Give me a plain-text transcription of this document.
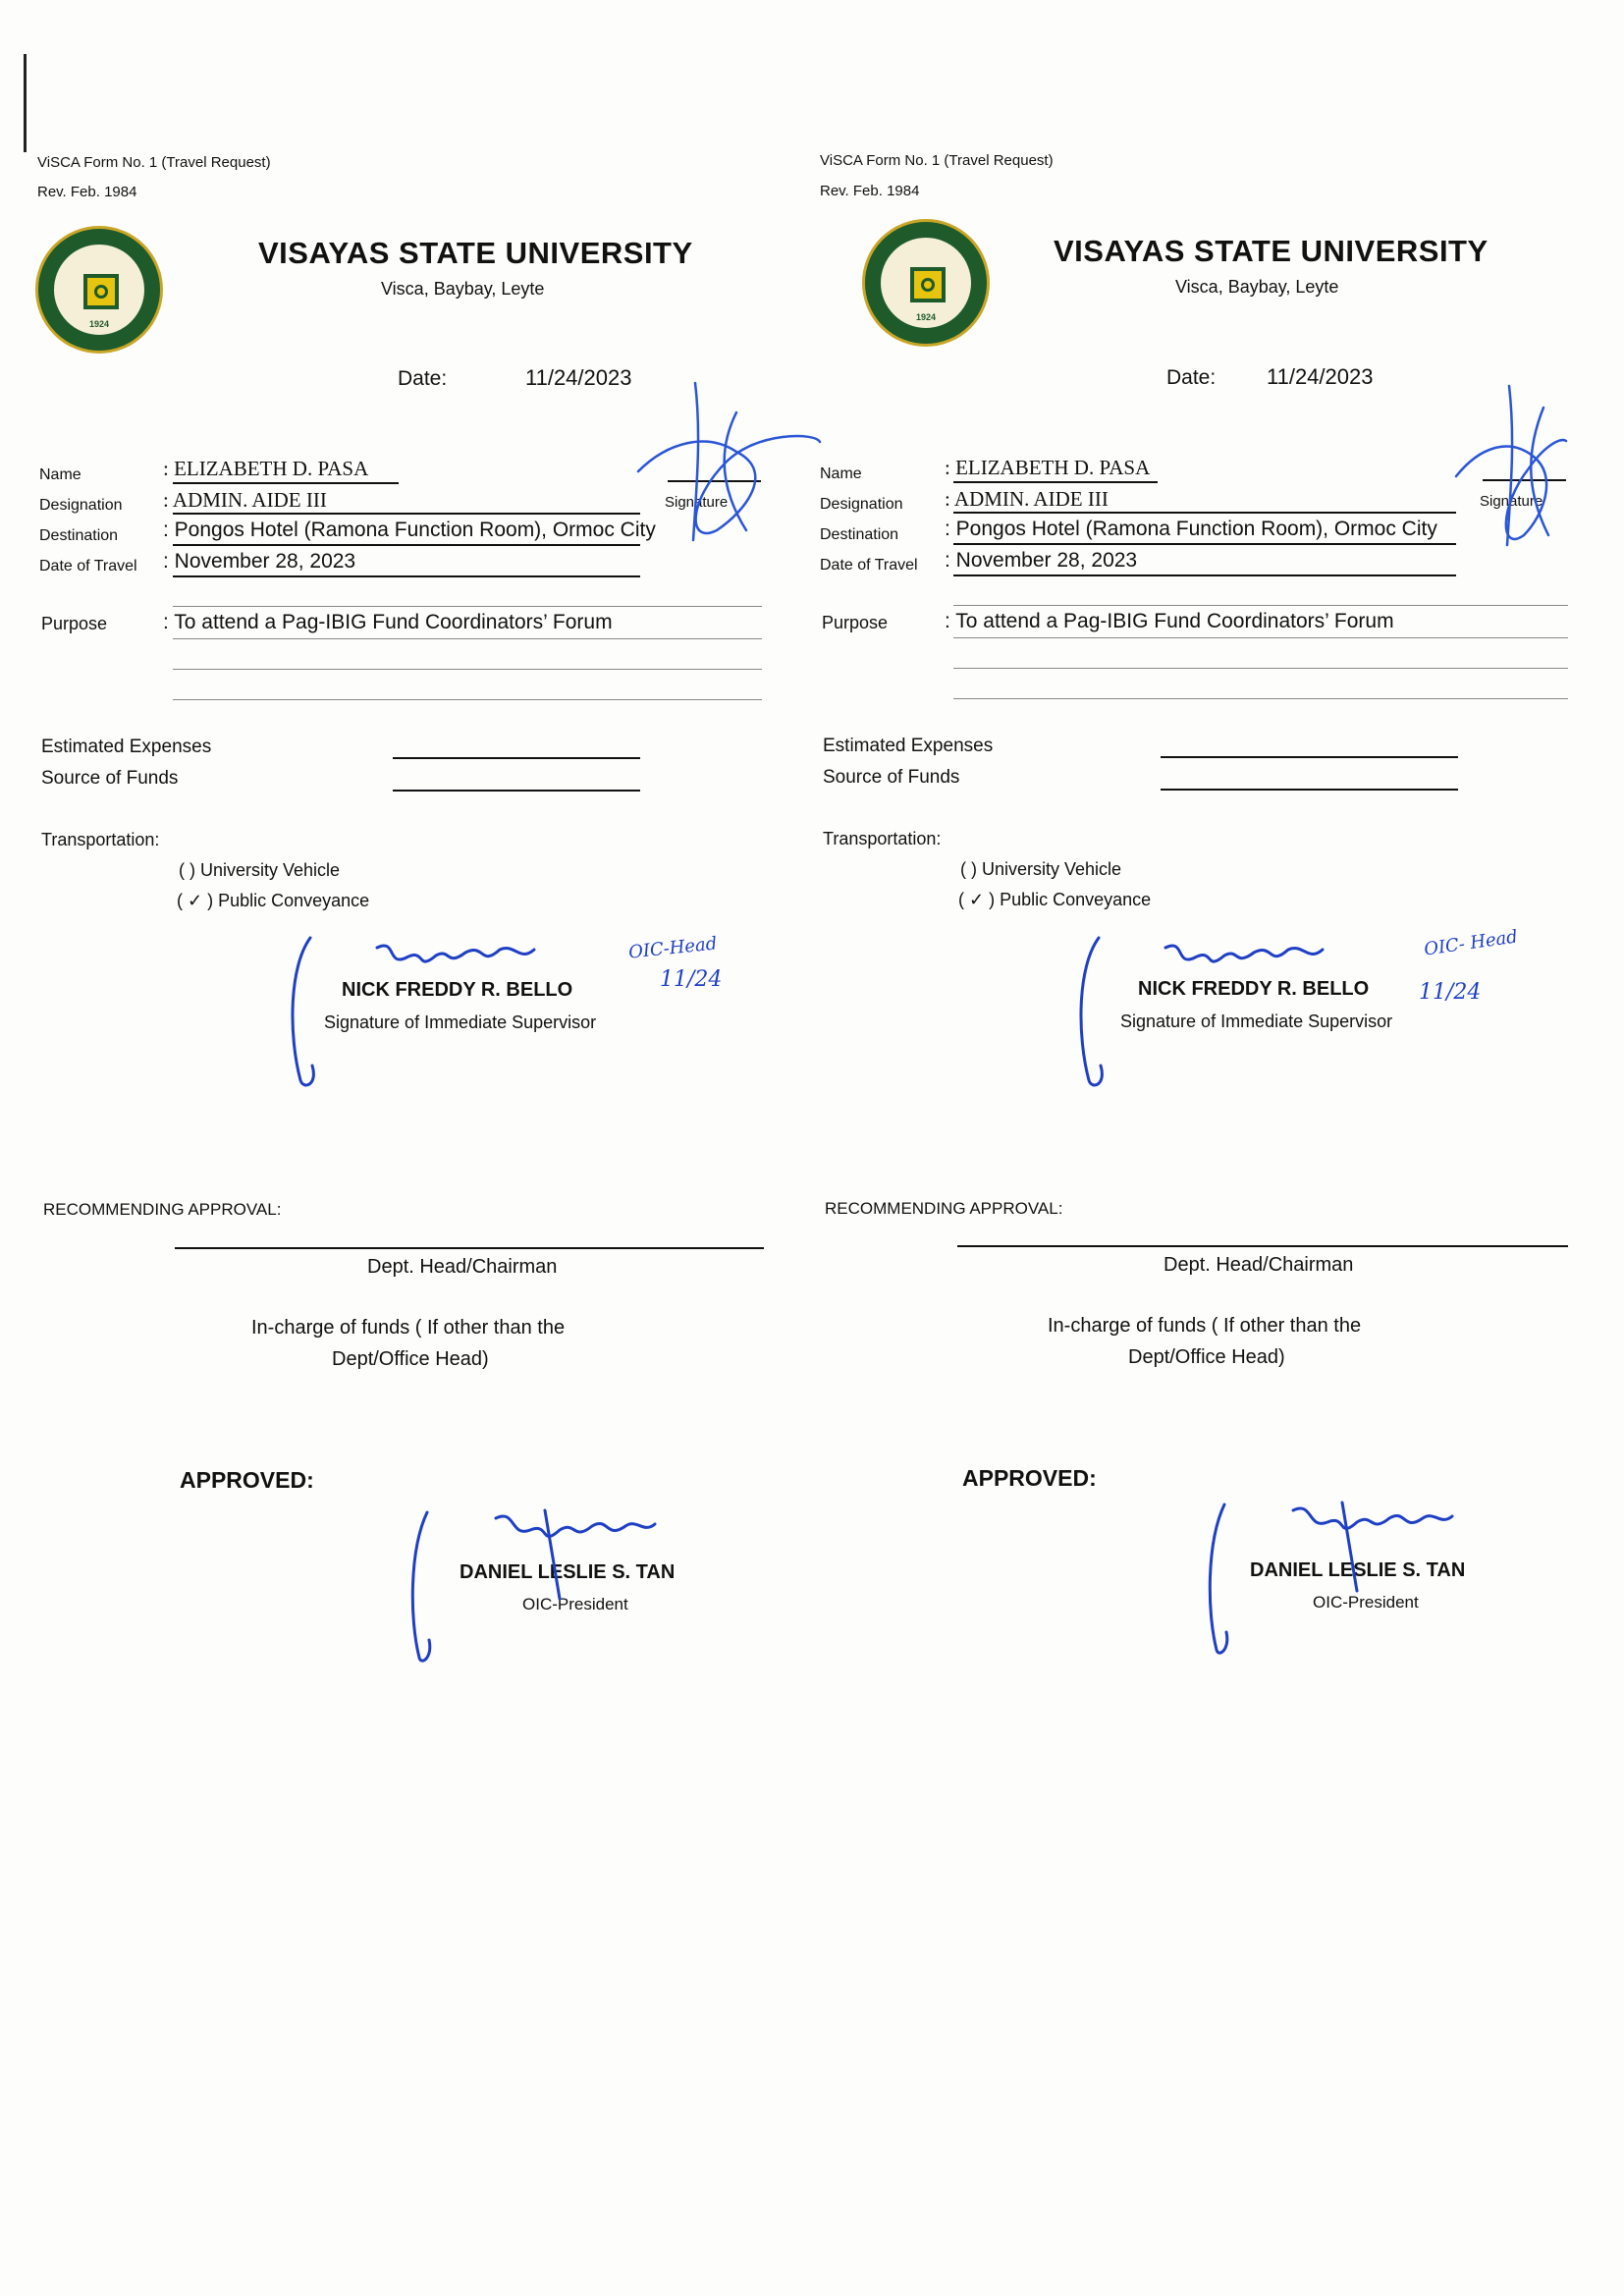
ViSCA Form No. 1 (Travel Request)
Rev. Feb. 1984
1924
VISAYAS STATE UNIVERSITY
Visca, Baybay, Leyte
Date:	11/24/2023
Signature
Name	: ELIZABETH D. PASA
Designation : ADMIN. AIDE III
Destination : Pongos Hotel (Ramona Function Room), Ormoc City
Date of Travel : November 28, 2023
Purpose	: To attend a Pag-IBIG Fund Coordinators’ Forum
Estimated Expenses
Source of Funds
Transportation:
( ) University Vehicle
( ✓ ) Public Conveyance
NICK FREDDY R. BELLO
Signature of Immediate Supervisor
OIC-Head
11/24
RECOMMENDING APPROVAL:
Dept. Head/Chairman
In-charge of funds ( If other than the
Dept/Office Head)
APPROVED:
DANIEL LESLIE S. TAN
OIC-President
ViSCA Form No. 1 (Travel Request)
Rev. Feb. 1984
1924
VISAYAS STATE UNIVERSITY
Visca, Baybay, Leyte
Date: 11/24/2023
Signature
Name	: ELIZABETH D. PASA
Designation : ADMIN. AIDE III
Destination : Pongos Hotel (Ramona Function Room), Ormoc City
Date of Travel : November 28, 2023
Purpose	: To attend a Pag-IBIG Fund Coordinators’ Forum
Estimated Expenses
Source of Funds
Transportation:
( ) University Vehicle
( ✓ ) Public Conveyance
NICK FREDDY R. BELLO
Signature of Immediate Supervisor
OIC- Head
11/24
RECOMMENDING APPROVAL:
Dept. Head/Chairman
In-charge of funds ( If other than the
Dept/Office Head)
APPROVED:
DANIEL LESLIE S. TAN
OIC-President
